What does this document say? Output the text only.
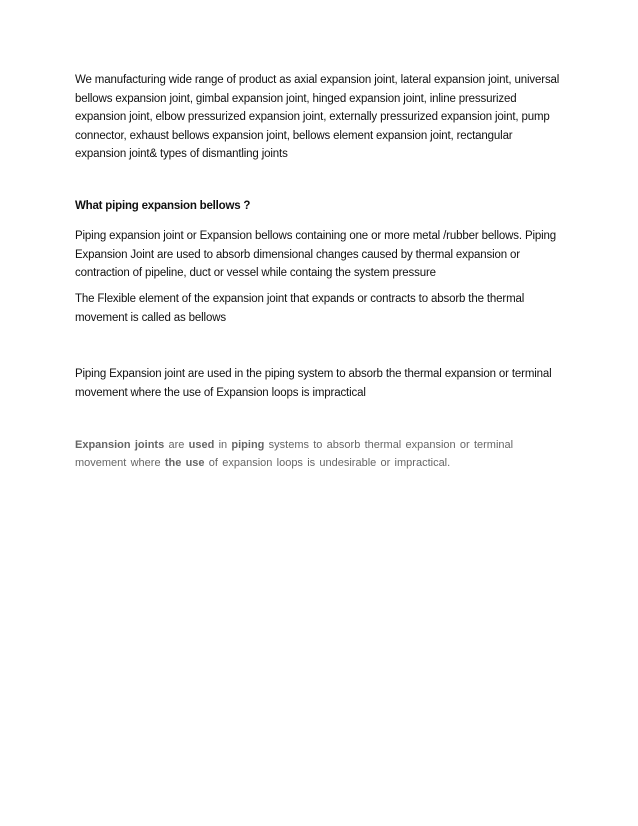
We manufacturing wide range of product as axial expansion joint, lateral expansion joint, universal bellows expansion joint, gimbal expansion joint, hinged expansion joint, inline pressurized expansion joint, elbow pressurized expansion joint, externally pressurized expansion joint, pump connector, exhaust bellows expansion joint, bellows element expansion joint, rectangular expansion joint& types of dismantling joints

What piping expansion bellows ?

Piping expansion joint or Expansion bellows containing one or more metal /rubber bellows. Piping Expansion Joint are used to absorb dimensional changes caused by thermal expansion or contraction of pipeline, duct or vessel while containg the system pressure

The Flexible element of the expansion joint that expands or contracts to absorb the thermal movement is called as bellows

Piping Expansion joint are used in the piping system to absorb the thermal expansion or terminal movement where the use of Expansion loops is impractical

Expansion joints are used in piping systems to absorb thermal expansion or terminal movement where the use of expansion loops is undesirable or impractical.
